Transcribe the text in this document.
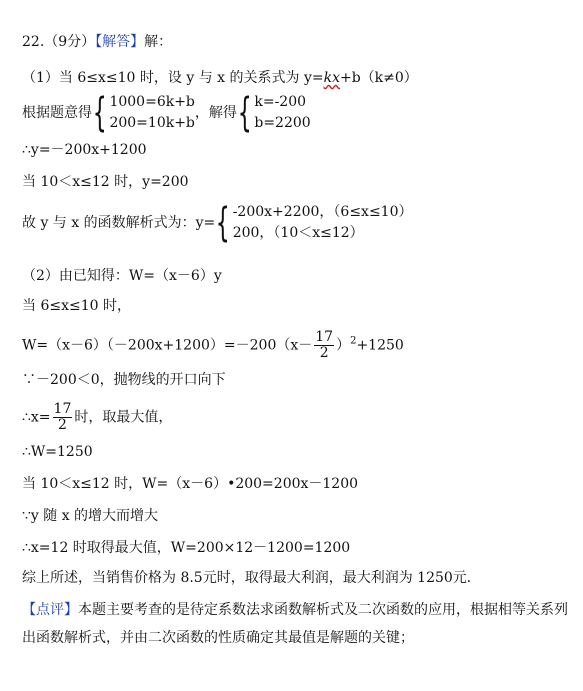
22.（9分）【解答】解：
（1）当 6≤x≤10 时，设 y 与 x 的关系式为 y=kx+b（k≠0）
根据题意得 { 1000=6k+b
200=10k+b
，解得 { k=-200
b=2200
∴y=－200x+1200
当 10＜x≤12 时，y=200
故 y 与 x 的函数解析式为：y= { -200x+2200，（6≤x≤10）
200，（10＜x≤12）
（2）由已知得：W=（x－6）y
当 6≤x≤10 时，
$W=(x-6)(-200x+1200)=-200(x- \frac{17}{2} )^2+1250$
∵－200＜0，抛物线的开口向下
∴x= $\frac{17}{2}$ 时，取最大值，
∴W=1250
当 10＜x≤12 时，W=（x－6）•200=200x－1200
∵y 随 x 的增大而增大
∴x=12 时取得最大值，W=200×12－1200=1200
综上所述，当销售价格为 8.5元时，取得最大利润，最大利润为 1250元．
【点评】本题主要考查的是待定系数法求函数解析式及二次函数的应用，根据相等关系列出函数解析式，并由二次函数的性质确定其最值是解题的关键；
